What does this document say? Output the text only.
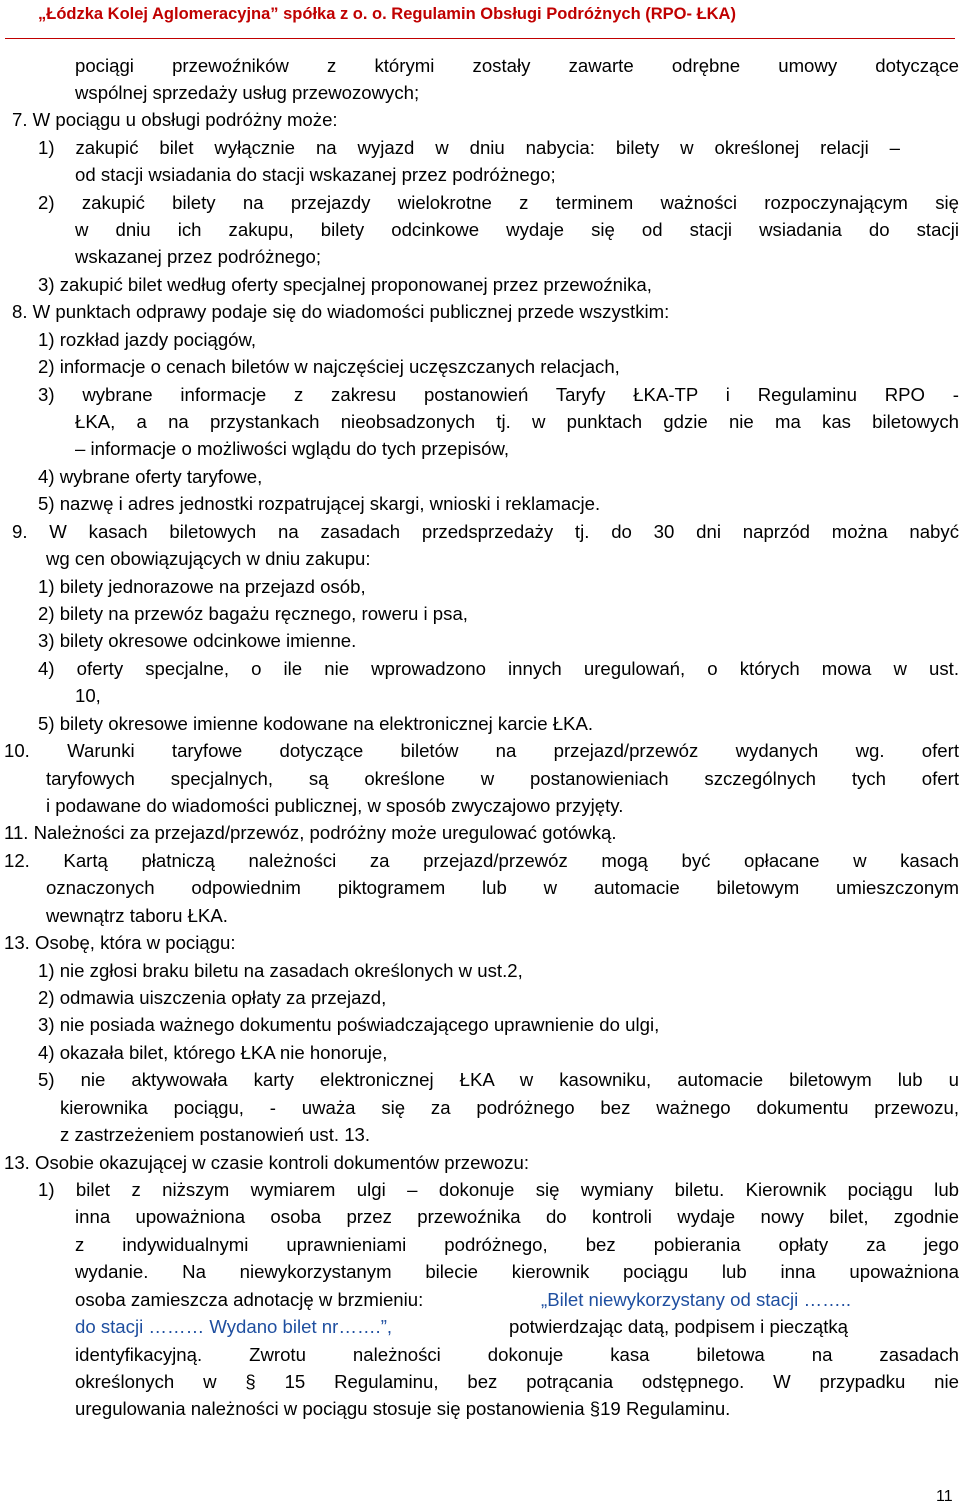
„Łódzka Kolej Aglomeracyjna” spółka z o. o. Regulamin Obsługi Podróżnych (RPO- ŁKA)
pociągi przewoźników z którymi zostały zawarte odrębne umowy dotyczące
wspólnej sprzedaży usług przewozowych;
7. W pociągu u obsługi podróżny może:
1) zakupić bilet wyłącznie na wyjazd w dniu nabycia: bilety w określonej relacji –
od stacji wsiadania do stacji wskazanej przez podróżnego;
2) zakupić bilety na przejazdy wielokrotne z terminem ważności rozpoczynającym się
w dniu ich zakupu, bilety odcinkowe wydaje się od stacji wsiadania do stacji
wskazanej przez podróżnego;
3) zakupić bilet według oferty specjalnej proponowanej przez przewoźnika,
8. W punktach odprawy podaje się do wiadomości publicznej przede wszystkim:
1) rozkład jazdy pociągów,
2) informacje o cenach biletów w najczęściej uczęszczanych relacjach,
3) wybrane informacje z zakresu postanowień Taryfy ŁKA-TP i Regulaminu RPO -
ŁKA, a na przystankach nieobsadzonych tj. w punktach gdzie nie ma kas biletowych
– informacje o możliwości wglądu do tych przepisów,
4) wybrane oferty taryfowe,
5) nazwę i adres jednostki rozpatrującej skargi, wnioski i reklamacje.
9. W kasach biletowych na zasadach przedsprzedaży tj. do 30 dni naprzód można nabyć
wg cen obowiązujących w dniu zakupu:
1) bilety jednorazowe na przejazd osób,
2) bilety na przewóz bagażu ręcznego, roweru i psa,
3) bilety okresowe odcinkowe imienne.
4) oferty specjalne, o ile nie wprowadzono innych uregulowań, o których mowa w ust.
10,
5) bilety okresowe imienne kodowane na elektronicznej karcie ŁKA.
10. Warunki taryfowe dotyczące biletów na przejazd/przewóz wydanych wg. ofert
taryfowych specjalnych, są określone w postanowieniach szczególnych tych ofert
i podawane do wiadomości publicznej, w sposób zwyczajowo przyjęty.
11. Należności za przejazd/przewóz, podróżny może uregulować gotówką.
12. Kartą płatniczą należności za przejazd/przewóz mogą być opłacane w kasach
oznaczonych odpowiednim piktogramem lub w automacie biletowym umieszczonym
wewnątrz taboru ŁKA.
13. Osobę, która w pociągu:
1) nie zgłosi braku biletu na zasadach określonych w ust.2,
2) odmawia uiszczenia opłaty za przejazd,
3) nie posiada ważnego dokumentu poświadczającego uprawnienie do ulgi,
4) okazała bilet, którego ŁKA nie honoruje,
5) nie aktywowała karty elektronicznej ŁKA w kasowniku, automacie biletowym lub u
kierownika pociągu, - uważa się za podróżnego bez ważnego dokumentu przewozu,
z zastrzeżeniem postanowień ust. 13.
13. Osobie okazującej w czasie kontroli dokumentów przewozu:
1) bilet z niższym wymiarem ulgi – dokonuje się wymiany biletu. Kierownik pociągu lub
inna upoważniona osoba przez przewoźnika do kontroli wydaje nowy bilet, zgodnie
z indywidualnymi uprawnieniami podróżnego, bez pobierania opłaty za jego
wydanie. Na niewykorzystanym bilecie kierownik pociągu lub inna upoważniona
osoba zamieszcza adnotację w brzmieniu:	„Bilet niewykorzystany od stacji ……..
do stacji ……… Wydano bilet nr…….”,	potwierdzając datą, podpisem i pieczątką
identyfikacyjną. Zwrotu należności dokonuje kasa biletowa na zasadach
określonych w § 15 Regulaminu, bez potrącania odstępnego. W przypadku nie
uregulowania należności w pociągu stosuje się postanowienia §19 Regulaminu.
11
